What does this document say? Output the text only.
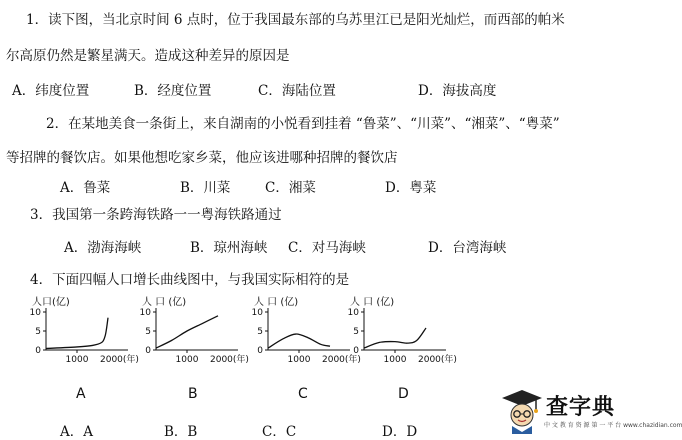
1．读下图，当北京时间 6 点时，位于我国最东部的乌苏里江已是阳光灿烂，而西部的帕米
尔高原仍然是繁星满天。造成这种差异的原因是
A．纬度位置	B．经度位置	C．海陆位置	D．海拔高度
2．在某地美食一条街上，来自湖南的小悦看到挂着 “鲁菜”、“川菜”、“湘菜”、“粤菜”
等招牌的餐饮店。如果他想吃家乡菜，他应该进哪种招牌的餐饮店
A．鲁菜	B．川菜	C．湘菜	D．粤菜
3．我国第一条跨海铁路一一粤海铁路通过
A．渤海海峡	B．琼州海峡 C．对马海峡	D．台湾海峡
4．下面四幅人口增长曲线图中，与我国实际相符的是
人口(亿)
10
5
0
1000 2000(年)
人 口 (亿)
10
5
0
1000 2000(年)
人 口 (亿)
10
5
0
1000 2000(年)
人 口 (亿)
10
5
0
1000 2000(年)
A	B	C	D
A．A	B．B	C．C	D．D
查字典
中 文 教 育 资 源 第 一 平 台 www.chazidian.com
